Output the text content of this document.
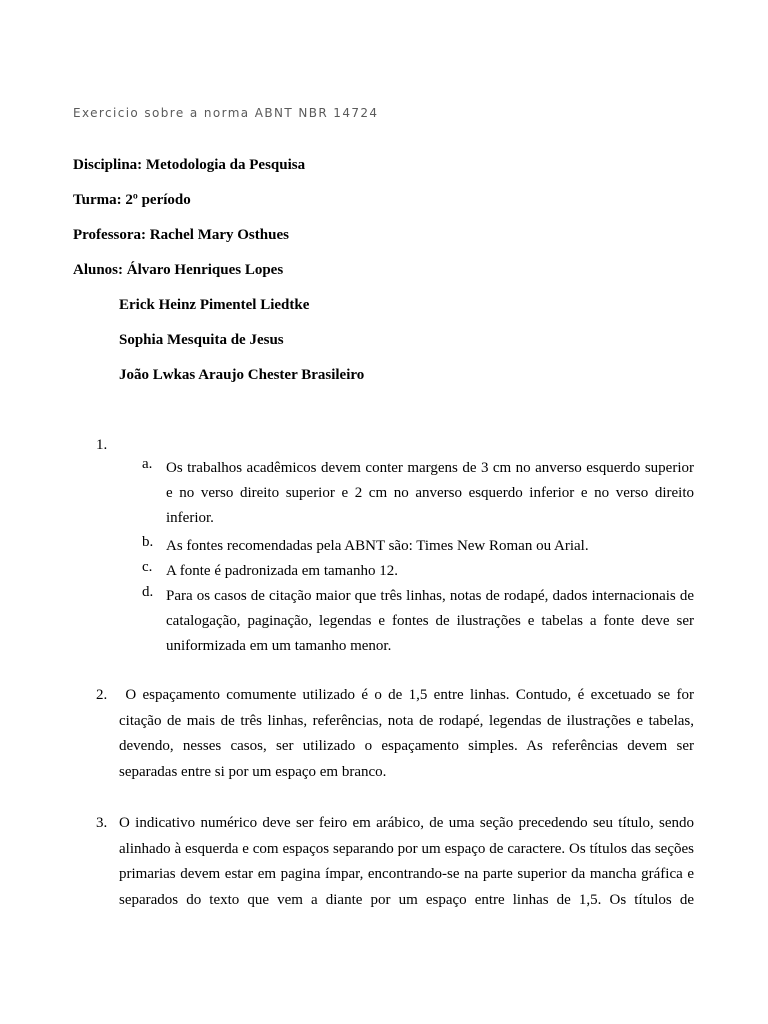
Exercicio sobre a norma ABNT NBR 14724
Disciplina: Metodologia da Pesquisa
Turma: 2º período
Professora: Rachel Mary Osthues
Alunos: Álvaro Henriques Lopes
Erick Heinz Pimentel Liedtke
Sophia Mesquita de Jesus
João Lwkas Araujo Chester Brasileiro
1.
a. Os trabalhos acadêmicos devem conter margens de 3 cm no anverso esquerdo superior e no verso direito superior e 2 cm no anverso esquerdo inferior e no verso direito inferior.
b. As fontes recomendadas pela ABNT são: Times New Roman ou Arial.
c. A fonte é padronizada em tamanho 12.
d. Para os casos de citação maior que três linhas, notas de rodapé, dados internacionais de catalogação, paginação, legendas e fontes de ilustrações e tabelas a fonte deve ser uniformizada em um tamanho menor.
2. O espaçamento comumente utilizado é o de 1,5 entre linhas. Contudo, é excetuado se for citação de mais de três linhas, referências, nota de rodapé, legendas de ilustrações e tabelas, devendo, nesses casos, ser utilizado o espaçamento simples. As referências devem ser separadas entre si por um espaço em branco.
3. O indicativo numérico deve ser feiro em arábico, de uma seção precedendo seu título, sendo alinhado à esquerda e com espaços separando por um espaço de caractere. Os títulos das seções primarias devem estar em pagina ímpar, encontrando-se na parte superior da mancha gráfica e separados do texto que vem a diante por um espaço entre linhas de 1,5. Os títulos de
